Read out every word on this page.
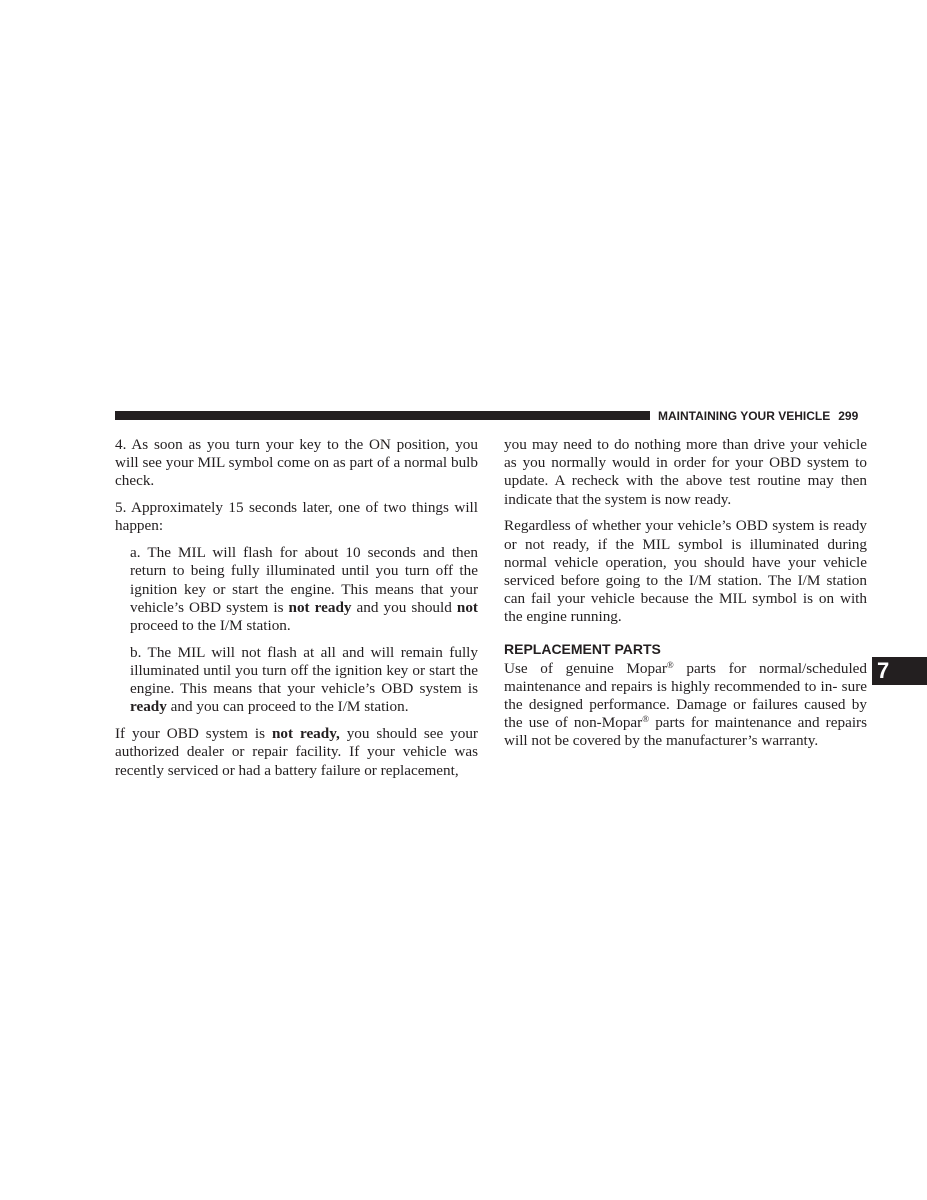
MAINTAINING YOUR VEHICLE 299

4. As soon as you turn your key to the ON position, you will see your MIL symbol come on as part of a normal bulb check.

5. Approximately 15 seconds later, one of two things will happen:

a. The MIL will flash for about 10 seconds and then return to being fully illuminated until you turn off the ignition key or start the engine. This means that your vehicle’s OBD system is not ready and you should not proceed to the I/M station.

b. The MIL will not flash at all and will remain fully illuminated until you turn off the ignition key or start the engine. This means that your vehicle’s OBD system is ready and you can proceed to the I/M station.

If your OBD system is not ready, you should see your authorized dealer or repair facility. If your vehicle was recently serviced or had a battery failure or replacement,

you may need to do nothing more than drive your vehicle as you normally would in order for your OBD system to update. A recheck with the above test routine may then indicate that the system is now ready.

Regardless of whether your vehicle’s OBD system is ready or not ready, if the MIL symbol is illuminated during normal vehicle operation, you should have your vehicle serviced before going to the I/M station. The I/M station can fail your vehicle because the MIL symbol is on with the engine running.

REPLACEMENT PARTS

Use of genuine Mopar® parts for normal/scheduled maintenance and repairs is highly recommended to in- sure the designed performance. Damage or failures caused by the use of non-Mopar® parts for maintenance and repairs will not be covered by the manufacturer’s warranty.

7
